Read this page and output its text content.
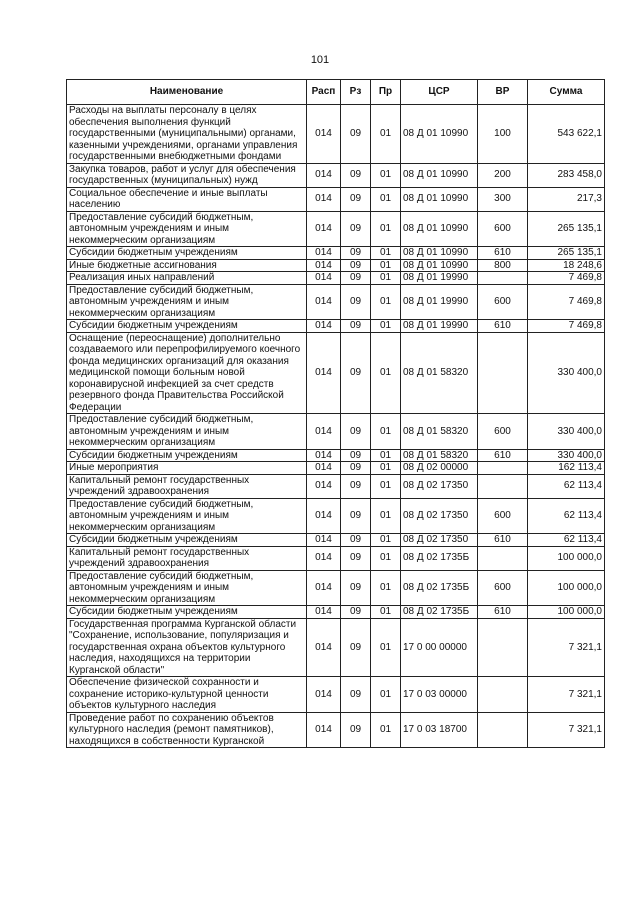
101
Наименование	Расп	Рз	Пр	ЦСР	ВР	Сумма
Расходы на выплаты персоналу в целях обеспечения выполнения функций государственными (муниципальными) органами, казенными учреждениями, органами управления государственными внебюджетными фондами	014	09	01	08 Д 01 10990	100	543 622,1
Закупка товаров, работ и услуг для обеспечения государственных (муниципальных) нужд	014	09	01	08 Д 01 10990	200	283 458,0
Социальное обеспечение и иные выплаты населению	014	09	01	08 Д 01 10990	300	217,3
Предоставление субсидий бюджетным, автономным учреждениям и иным некоммерческим организациям	014	09	01	08 Д 01 10990	600	265 135,1
Субсидии бюджетным учреждениям	014	09	01	08 Д 01 10990	610	265 135,1
Иные бюджетные ассигнования	014	09	01	08 Д 01 10990	800	18 248,6
Реализация иных направлений	014	09	01	08 Д 01 19990		7 469,8
Предоставление субсидий бюджетным, автономным учреждениям и иным некоммерческим организациям	014	09	01	08 Д 01 19990	600	7 469,8
Субсидии бюджетным учреждениям	014	09	01	08 Д 01 19990	610	7 469,8
Оснащение (переоснащение) дополнительно создаваемого или перепрофилируемого коечного фонда медицинских организаций для оказания медицинской помощи больным новой коронавирусной инфекцией за счет средств резервного фонда Правительства Российской Федерации	014	09	01	08 Д 01 58320		330 400,0
Предоставление субсидий бюджетным, автономным учреждениям и иным некоммерческим организациям	014	09	01	08 Д 01 58320	600	330 400,0
Субсидии бюджетным учреждениям	014	09	01	08 Д 01 58320	610	330 400,0
Иные мероприятия	014	09	01	08 Д 02 00000		162 113,4
Капитальный ремонт государственных учреждений здравоохранения	014	09	01	08 Д 02 17350		62 113,4
Предоставление субсидий бюджетным, автономным учреждениям и иным некоммерческим организациям	014	09	01	08 Д 02 17350	600	62 113,4
Субсидии бюджетным учреждениям	014	09	01	08 Д 02 17350	610	62 113,4
Капитальный ремонт государственных учреждений здравоохранения	014	09	01	08 Д 02 1735Б		100 000,0
Предоставление субсидий бюджетным, автономным учреждениям и иным некоммерческим организациям	014	09	01	08 Д 02 1735Б	600	100 000,0
Субсидии бюджетным учреждениям	014	09	01	08 Д 02 1735Б	610	100 000,0
Государственная программа Курганской области "Сохранение, использование, популяризация и государственная охрана объектов культурного наследия, находящихся на территории Курганской области"	014	09	01	17 0 00 00000		7 321,1
Обеспечение физической сохранности и сохранение историко-культурной ценности объектов культурного наследия	014	09	01	17 0 03 00000		7 321,1
Проведение работ по сохранению объектов культурного наследия (ремонт памятников), находящихся в собственности Курганской	014	09	01	17 0 03 18700		7 321,1
